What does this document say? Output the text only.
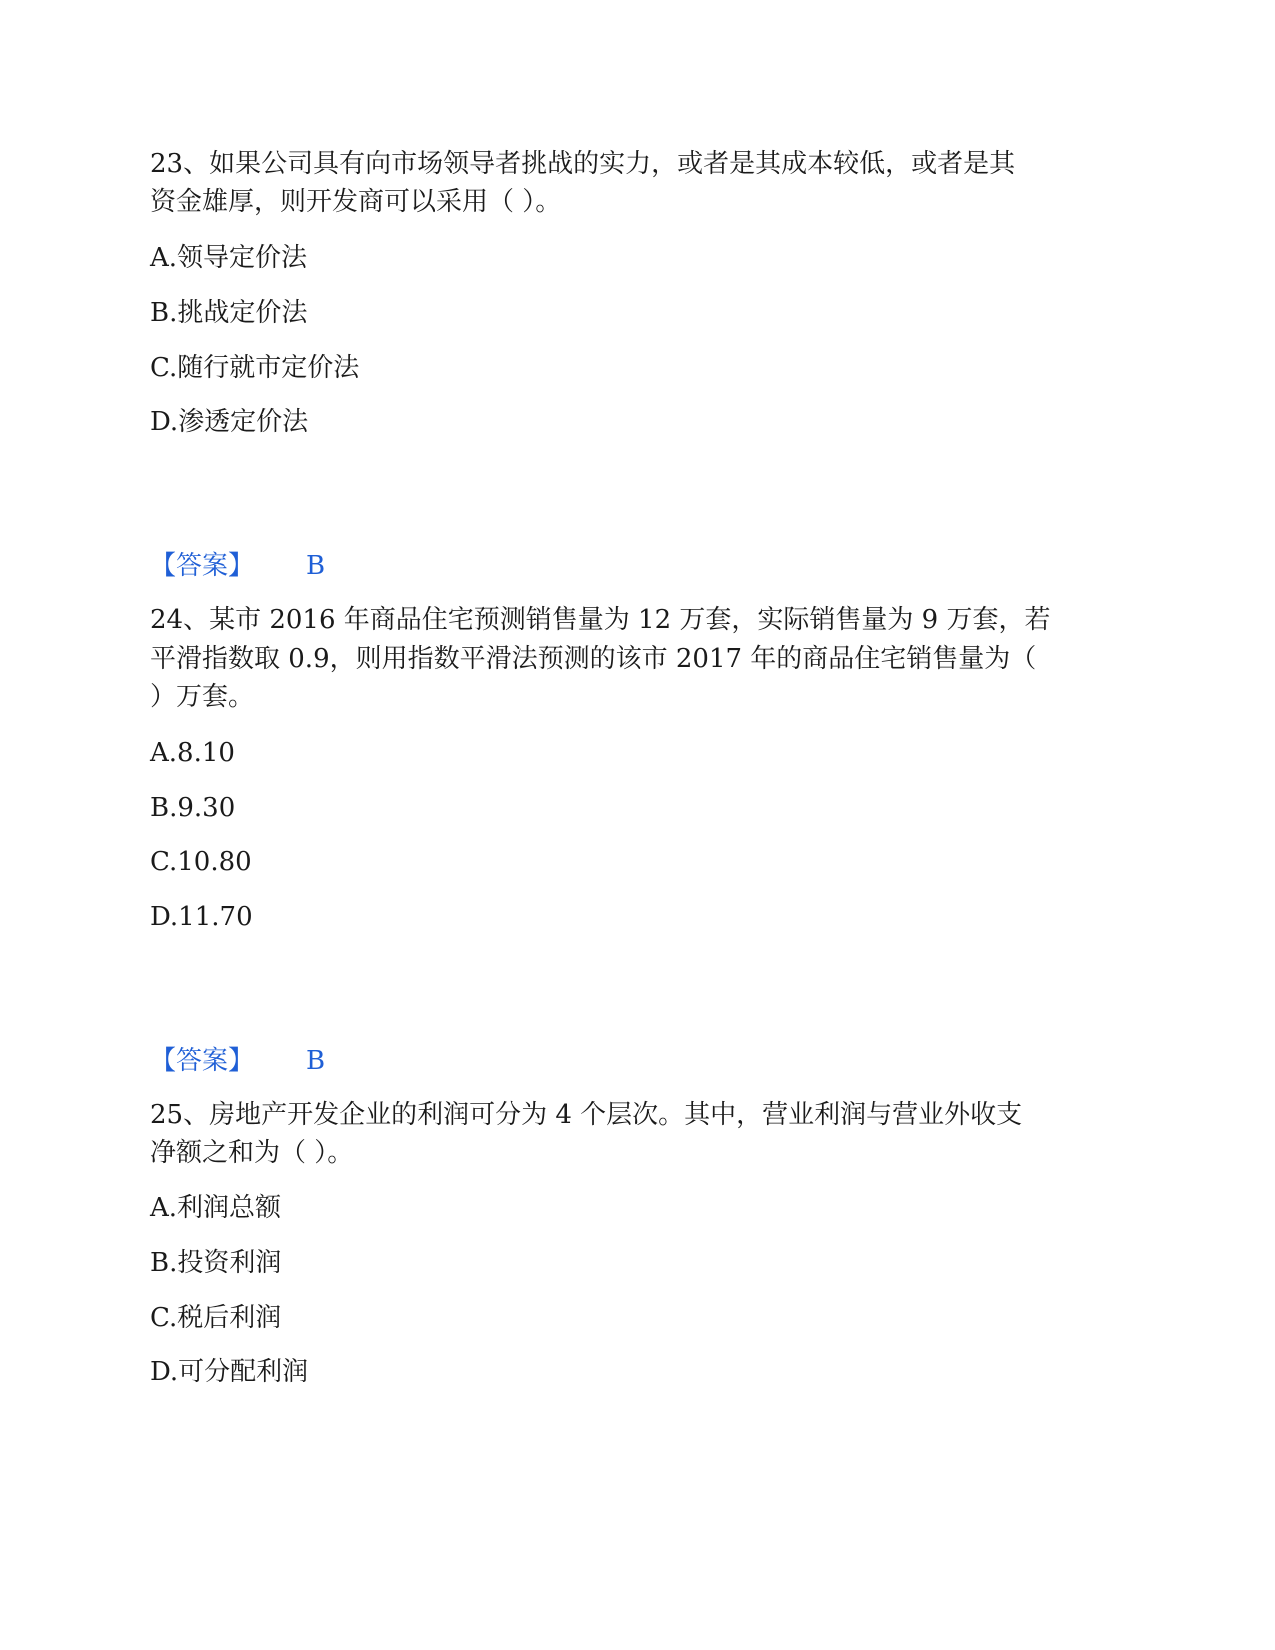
23、如果公司具有向市场领导者挑战的实力，或者是其成本较低，或者是其
资金雄厚，则开发商可以采用（ ）。
A.领导定价法
B.挑战定价法
C.随行就市定价法
D.渗透定价法
【答案】 B
24、某市 2016 年商品住宅预测销售量为 12 万套，实际销售量为 9 万套，若
平滑指数取 0.9，则用指数平滑法预测的该市 2017 年的商品住宅销售量为（
）万套。
A.8.10
B.9.30
C.10.80
D.11.70
【答案】 B
25、房地产开发企业的利润可分为 4 个层次。其中，营业利润与营业外收支
净额之和为（ ）。
A.利润总额
B.投资利润
C.税后利润
D.可分配利润
